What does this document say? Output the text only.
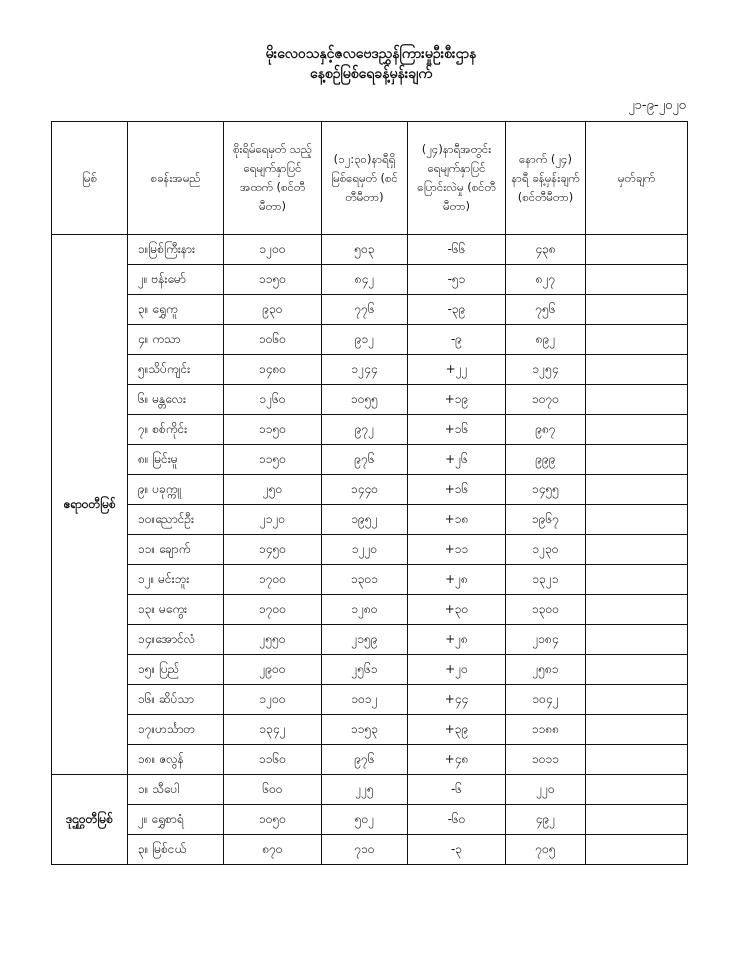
မိုးလေဝသနှင့်ဇလဗေဒညွှန်ကြားမှုဦးစီးဌာန
နေ့စဉ်မြစ်ရေခန့်မှန်းချက်
၂၁-၉-၂၀၂၀
မြစ်	စခန်းအမည်	စိုးရိမ်ရေမှတ် သည့်ရေမျက်နှာပြင် အထက် (စင်တီမီတာ)	(၁၂:၃၀)နာရီရှိ မြစ်ရေမှတ် (စင်တီမီတာ)	(၂၄)နာရီအတွင်း ရေမျက်နှာပြင် ပြောင်းလဲမှု (စင်တီမီတာ)	နောက် (၂၄) နာရီ ခန့်မှန်းချက် (စင်တီမီတာ)	မှတ်ချက်
ဧရာဝတီမြစ်	၁။မြစ်ကြီးနား	၁၂၀၀	၅၀၃	-၆၆	၄၃၈	
	၂။ ဗန်းမော်	၁၁၅၀	၈၄၂	-၅၁	၈၂၇	
	၃။ ရွှေကူ	၉၃၀	၇၇၆	-၃၉	၇၅၆	
	၄။ ကသာ	၁၀၆၀	၉၁၂	-၉	၈၉၂	
	၅။သိပ်ကျင်း	၁၄၈၀	၁၂၄၄	+၂၂	၁၂၅၄	
	၆။ မန္တလေး	၁၂၆၀	၁၀၅၅	+၁၉	၁၀၇၀	
	၇။ စစ်ကိုင်း	၁၁၅၀	၉၇၂	+၁၆	၉၈၇	
	၈။ မြင်းမူ	၁၁၅၀	၉၇၆	+၂၆	၉၉၉	
	၉။ ပခုက္ကူ	၂၅၀	၁၄၄၀	+၁၆	၁၄၅၅	
	၁၀။ညောင်ဦး	၂၁၂၀	၁၉၅၂	+၁၈	၁၉၆၇	
	၁၁။ ချောက်	၁၄၅၀	၁၂၂၀	+၁၁	၁၂၃၀	
	၁၂။ မင်းဘူး	၁၇၀၀	၁၃၀၁	+၂၈	၁၃၂၁	
	၁၃။ မကွေး	၁၇၀၀	၁၂၈၀	+၃၀	၁၃၀၀	
	၁၄။အောင်လံ	၂၅၅၀	၂၁၅၉	+၂၈	၂၁၈၄	
	၁၅။ ပြည်	၂၉၀၀	၂၅၆၁	+၂၀	၂၅၈၁	
	၁၆။ ဆိပ်သာ	၁၂၀၀	၁၀၁၂	+၄၄	၁၀၄၂	
	၁၇။ဟင်္သာတ	၁၃၄၂	၁၁၅၃	+၃၉	၁၁၈၈	
	၁၈။ ဇလွန်	၁၁၆၀	၉၇၆	+၄၈	၁၀၁၁	
ဒုဌ္ဌဝတီမြစ်	၁။ သီပေါ	၆၀၀	၂၂၅	-၆	၂၂၀	
	၂။ ရွှေစာရံ	၁၀၅၀	၅၀၂	-၆၀	၄၉၂	
	၃။ မြစ်ငယ်	၈၇၀	၇၁၀	-၃	၇၀၅	
